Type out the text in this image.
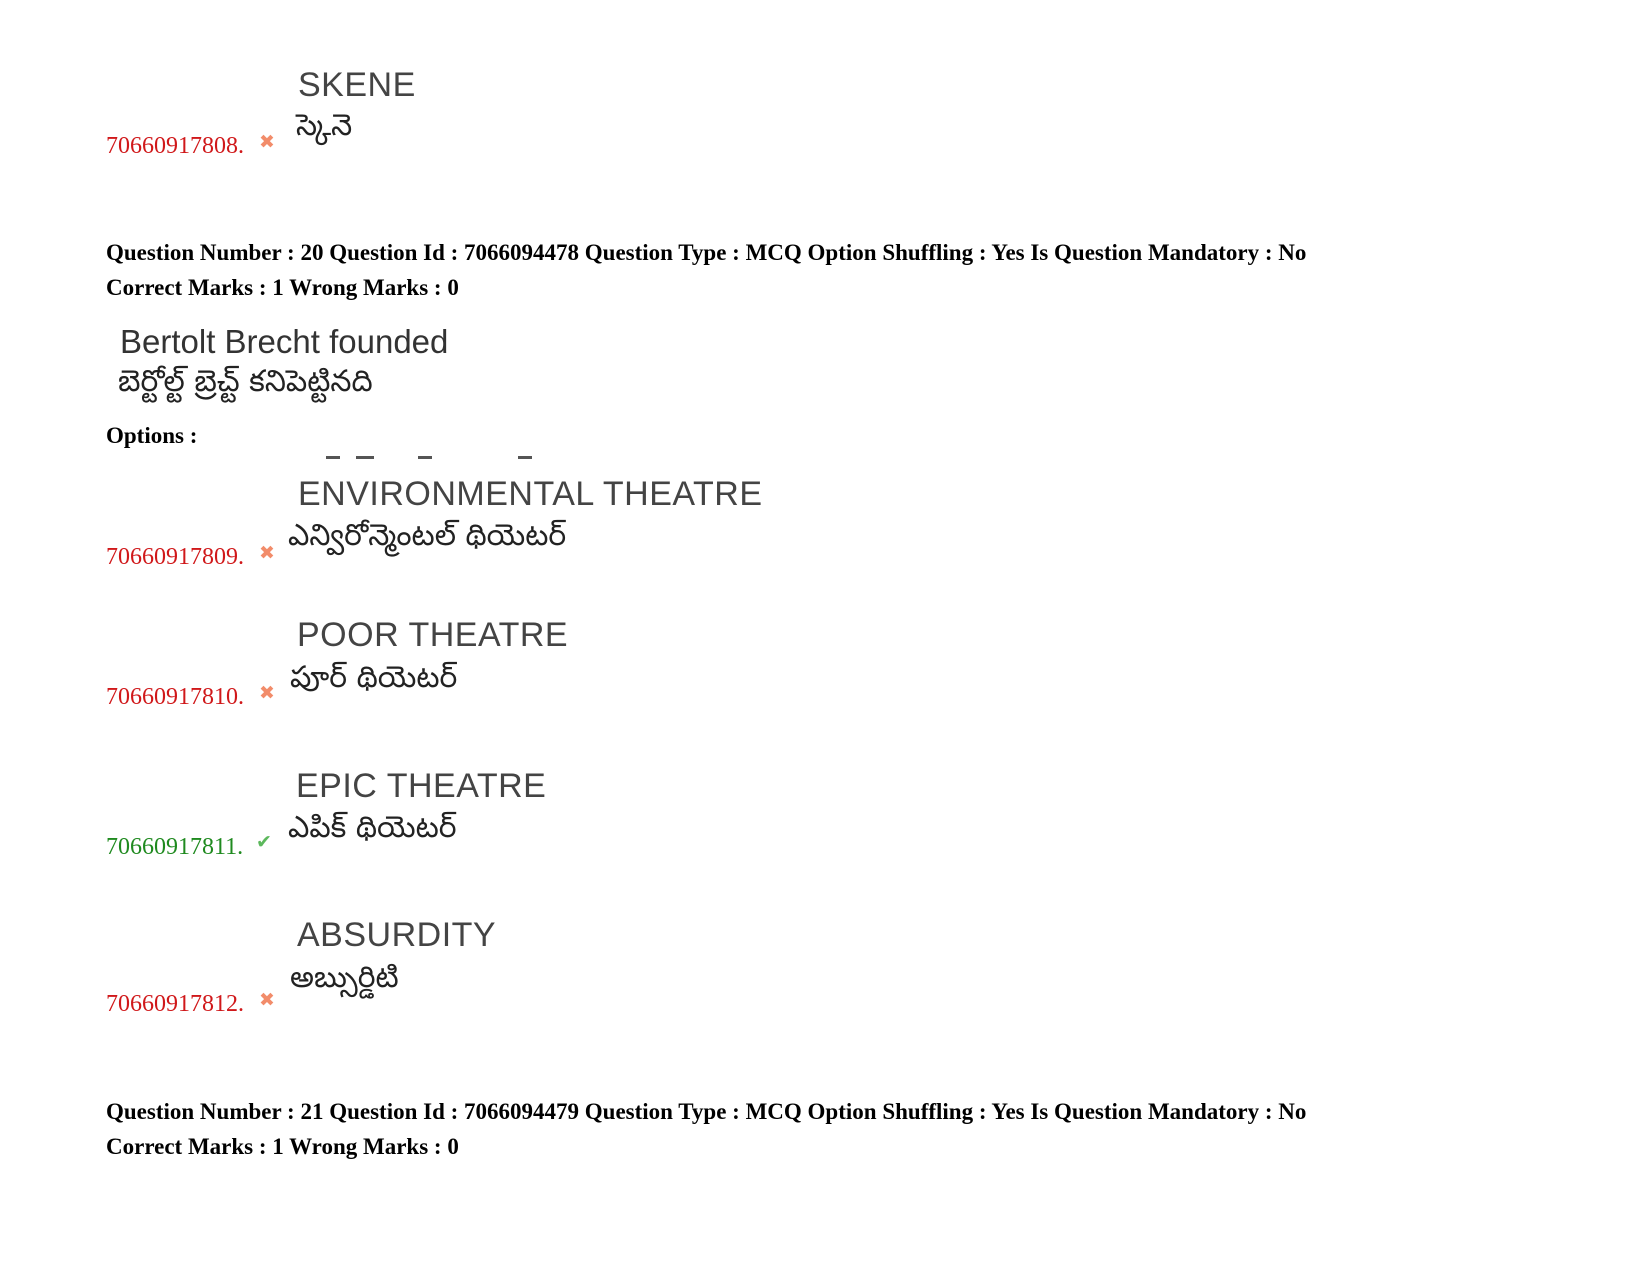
SKENE
స్కెనె
70660917808. ✖
Question Number : 20 Question Id : 7066094478 Question Type : MCQ Option Shuffling : Yes Is Question Mandatory : No
Correct Marks : 1 Wrong Marks : 0
Bertolt Brecht founded
బెర్టోల్ట్ బ్రెచ్ట్ కనిపెట్టినది
Options :
ENVIRONMENTAL THEATRE
ఎన్విరోన్మెంటల్ థియెటర్
70660917809. ✖
POOR THEATRE
పూర్ థియెటర్
70660917810. ✖
EPIC THEATRE
ఎపిక్ థియెటర్
70660917811. ✔
ABSURDITY
అబ్సుర్డిటి
70660917812. ✖
Question Number : 21 Question Id : 7066094479 Question Type : MCQ Option Shuffling : Yes Is Question Mandatory : No
Correct Marks : 1 Wrong Marks : 0
